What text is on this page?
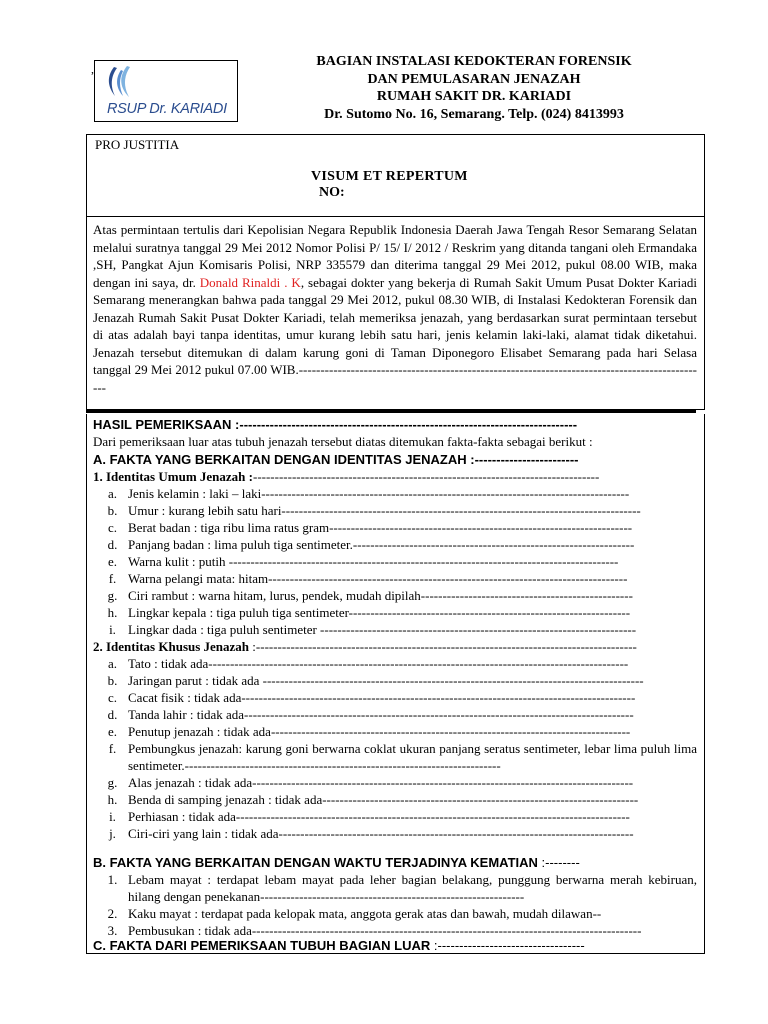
,
RSUP Dr. KARIADI
BAGIAN INSTALASI KEDOKTERAN FORENSIK
DAN PEMULASARAN JENAZAH
RUMAH SAKIT DR. KARIADI
Dr. Sutomo No. 16, Semarang. Telp. (024) 8413993
PRO JUSTITIA
VISUM ET REPERTUM
NO:
Atas permintaan tertulis dari Kepolisian Negara Republik Indonesia Daerah Jawa Tengah Resor Semarang Selatan melalui suratnya tanggal 29 Mei 2012 Nomor Polisi P/ 15/ I/ 2012 / Reskrim yang ditanda tangani oleh Ermandaka ,SH, Pangkat Ajun Komisaris Polisi, NRP 335579 dan diterima tanggal 29 Mei 2012, pukul 08.00 WIB, maka dengan ini saya, dr. Donald Rinaldi . K, sebagai dokter yang bekerja di Rumah Sakit Umum Pusat Dokter Kariadi Semarang menerangkan bahwa pada tanggal 29 Mei 2012, pukul 08.30 WIB, di Instalasi Kedokteran Forensik dan Jenazah Rumah Sakit Pusat Dokter Kariadi, telah memeriksa jenazah, yang berdasarkan surat permintaan tersebut di atas adalah bayi tanpa identitas, umur kurang lebih satu hari, jenis kelamin laki-laki, alamat tidak diketahui. Jenazah tersebut ditemukan di dalam karung goni di Taman Diponegoro Elisabet Semarang pada hari Selasa tanggal 29 Mei 2012 pukul 07.00 WIB.-----------------------------------------------------------------------------------------------
HASIL PEMERIKSAAN :------------------------------------------------------------------------------
Dari pemeriksaan luar atas tubuh jenazah tersebut diatas ditemukan fakta-fakta sebagai berikut :
A. FAKTA YANG BERKAITAN DENGAN IDENTITAS JENAZAH :------------------------
1. Identitas Umum Jenazah :--------------------------------------------------------------------------------
a. Jenis kelamin : laki – laki-------------------------------------------------------------------------------------
b. Umur : kurang lebih satu hari-----------------------------------------------------------------------------------
c. Berat badan : tiga ribu lima ratus gram----------------------------------------------------------------------
d. Panjang badan : lima puluh tiga sentimeter.-----------------------------------------------------------------
e. Warna kulit : putih ------------------------------------------------------------------------------------------
f. Warna pelangi mata: hitam-----------------------------------------------------------------------------------
g. Ciri rambut : warna hitam, lurus, pendek, mudah dipilah-------------------------------------------------
h. Lingkar kepala : tiga puluh tiga sentimeter-----------------------------------------------------------------
i. Lingkar dada : tiga puluh sentimeter -------------------------------------------------------------------------
2. Identitas Khusus Jenazah :----------------------------------------------------------------------------------------
a. Tato : tidak ada-------------------------------------------------------------------------------------------------
b. Jaringan parut : tidak ada ----------------------------------------------------------------------------------------
c. Cacat fisik : tidak ada-------------------------------------------------------------------------------------------
d. Tanda lahir : tidak ada------------------------------------------------------------------------------------------
e. Penutup jenazah : tidak ada-----------------------------------------------------------------------------------
f. Pembungkus jenazah: karung goni berwarna coklat ukuran panjang seratus sentimeter, lebar lima puluh lima sentimeter.-------------------------------------------------------------------------
g. Alas jenazah : tidak ada----------------------------------------------------------------------------------------
h. Benda di samping jenazah : tidak ada-------------------------------------------------------------------------
i. Perhiasan : tidak ada-------------------------------------------------------------------------------------------
j. Ciri-ciri yang lain : tidak ada----------------------------------------------------------------------------------
B. FAKTA YANG BERKAITAN DENGAN WAKTU TERJADINYA KEMATIAN :--------
1. Lebam mayat : terdapat lebam mayat pada leher bagian belakang, punggung berwarna merah kebiruan, hilang dengan penekanan-------------------------------------------------------------
2. Kaku mayat : terdapat pada kelopak mata, anggota gerak atas dan bawah, mudah dilawan--
3. Pembusukan : tidak ada------------------------------------------------------------------------------------------
C. FAKTA DARI PEMERIKSAAN TUBUH BAGIAN LUAR :----------------------------------
